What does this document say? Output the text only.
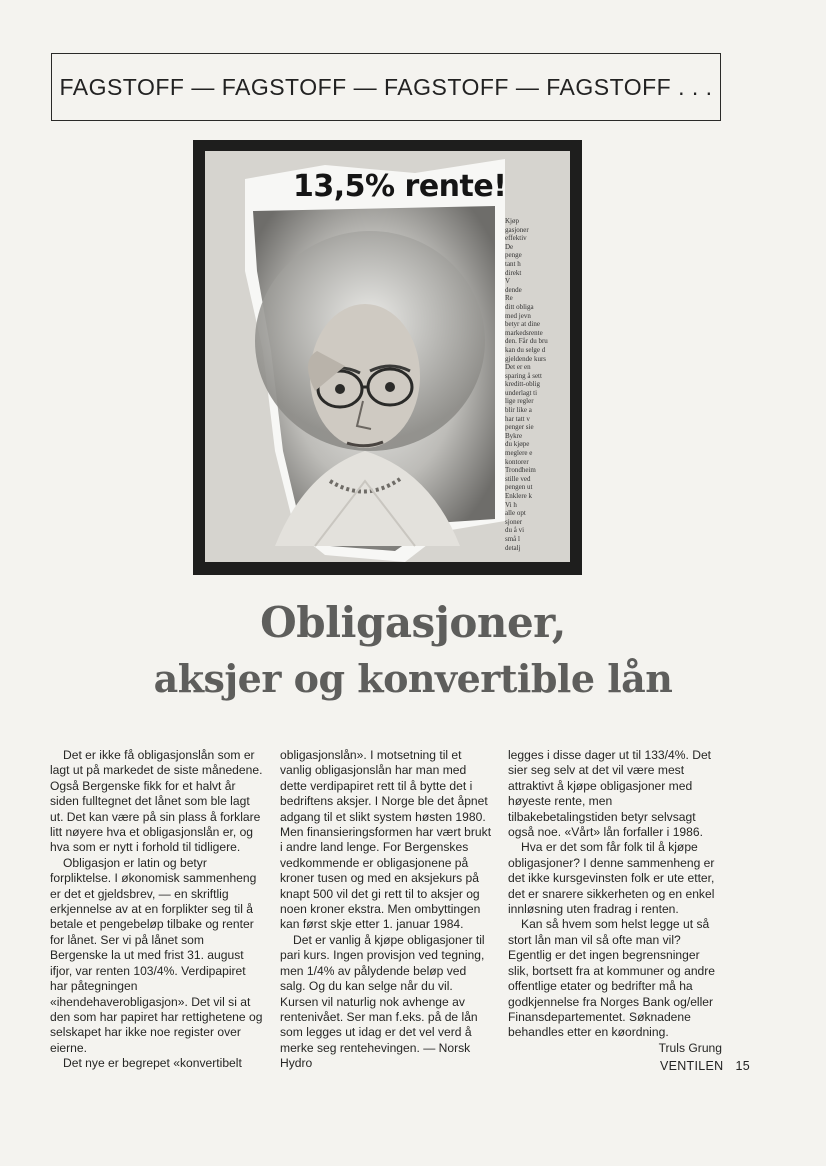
FAGSTOFF — FAGSTOFF — FAGSTOFF — FAGSTOFF . . .
13,5% rente!
Kjøp
gasjoner
effektiv
De
penge
tant h
direkt
V
dende
Re
ditt obliga
med jevn
betyr at dine
markedsrente
den. Får du bru
kan du selge d
gjeldende kurs
Det er en
sparing å sett
kreditt-oblig
underlagt ti
lige regler
blir like a
har tatt v
penger sie
Bykre
du kjøpe
meglere e
kontorer
Trondheim
stille ved
pengen ut
Enklere k
Vi h
alle opt
sjoner
du å vi
små l
detalj
Obligasjoner,
aksjer og konvertible lån

Det er ikke få obligasjonslån som er lagt ut på markedet de siste månedene. Også Bergenske fikk for et halvt år siden fulltegnet det lånet som ble lagt ut. Det kan være på sin plass å forklare litt nøyere hva et obligasjonslån er, og hva som er nytt i forhold til tidligere.

Obligasjon er latin og betyr forpliktelse. I økonomisk sammenheng er det et gjeldsbrev, — en skriftlig erkjennelse av at en forplikter seg til å betale et pengebeløp tilbake og renter for lånet. Ser vi på lånet som Bergenske la ut med frist 31. august ifjor, var renten 103/4%. Verdipapiret har påtegningen «ihendehaverobligasjon». Det vil si at den som har papiret har rettighetene og selskapet har ikke noe register over eierne.

Det nye er begrepet «konvertibelt

obligasjonslån». I motsetning til et vanlig obligasjonslån har man med dette verdipapiret rett til å bytte det i bedriftens aksjer. I Norge ble det åpnet adgang til et slikt system høsten 1980. Men finansieringsformen har vært brukt i andre land lenge. For Bergenskes vedkommende er obligasjonene på kroner tusen og med en aksjekurs på knapt 500 vil det gi rett til to aksjer og noen kroner ekstra. Men ombyttingen kan først skje etter 1. januar 1984.

Det er vanlig å kjøpe obligasjoner til pari kurs. Ingen provisjon ved tegning, men 1/4% av pålydende beløp ved salg. Og du kan selge når du vil. Kursen vil naturlig nok avhenge av rentenivået. Ser man f.eks. på de lån som legges ut idag er det vel verd å merke seg rentehevingen. — Norsk Hydro

legges i disse dager ut til 133/4%. Det sier seg selv at det vil være mest attraktivt å kjøpe obligasjoner med høyeste rente, men tilbakebetalingstiden betyr selvsagt også noe. «Vårt» lån forfaller i 1986.

Hva er det som får folk til å kjøpe obligasjoner? I denne sammenheng er det ikke kursgevinsten folk er ute etter, det er snarere sikkerheten og en enkel innløsning uten fradrag i renten.

Kan så hvem som helst legge ut så stort lån man vil så ofte man vil? Egentlig er det ingen begrensninger slik, bortsett fra at kommuner og andre offentlige etater og bedrifter må ha godkjennelse fra Norges Bank og/eller Finansdepartementet. Søknadene behandles etter en køordning.

Truls Grung
VENTILEN 15
